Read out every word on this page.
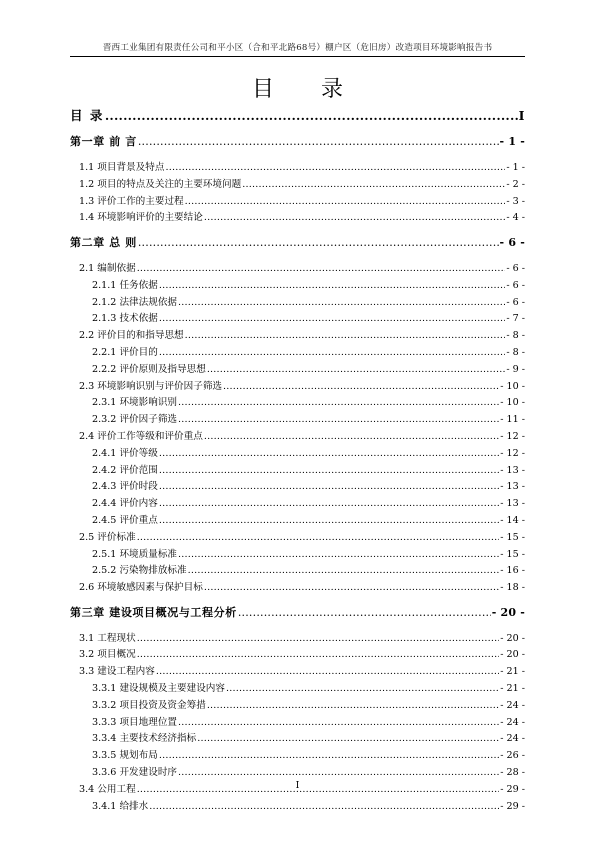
晋西工业集团有限责任公司和平小区（合和平北路68号）棚户区（危旧房）改造项目环境影响报告书
目 录
目 录 .....	I
第一章 前 言 .....	- 1 -
1.1 项目背景及特点 .....	- 1 -
1.2 项目的特点及关注的主要环境问题 .....	- 2 -
1.3 评价工作的主要过程 .....	- 3 -
1.4 环境影响评价的主要结论 .....	- 4 -
第二章 总 则 .....	- 6 -
2.1 编制依据 .....	- 6 -
2.1.1 任务依据 .....	- 6 -
2.1.2 法律法规依据 .....	- 6 -
2.1.3 技术依据 .....	- 7 -
2.2 评价目的和指导思想 .....	- 8 -
2.2.1 评价目的 .....	- 8 -
2.2.2 评价原则及指导思想 .....	- 9 -
2.3 环境影响识别与评价因子筛选 .....	- 10 -
2.3.1 环境影响识别 .....	- 10 -
2.3.2 评价因子筛选 .....	- 11 -
2.4 评价工作等级和评价重点 .....	- 12 -
2.4.1 评价等级 .....	- 12 -
2.4.2 评价范围 .....	- 13 -
2.4.3 评价时段 .....	- 13 -
2.4.4 评价内容 .....	- 13 -
2.4.5 评价重点 .....	- 14 -
2.5 评价标准 .....	- 15 -
2.5.1 环境质量标准 .....	- 15 -
2.5.2 污染物排放标准 .....	- 16 -
2.6 环境敏感因素与保护目标 .....	- 18 -
第三章 建设项目概况与工程分析 .....	- 20 -
3.1 工程现状 .....	- 20 -
3.2 项目概况 .....	- 20 -
3.3 建设工程内容 .....	- 21 -
3.3.1 建设规模及主要建设内容 .....	- 21 -
3.3.2 项目投资及资金筹措 .....	- 24 -
3.3.3 项目地理位置 .....	- 24 -
3.3.4 主要技术经济指标 .....	- 24 -
3.3.5 规划布局 .....	- 26 -
3.3.6 开发建设时序 .....	- 28 -
3.4 公用工程 .....	- 29 -
3.4.1 给排水 .....	- 29 -
I
